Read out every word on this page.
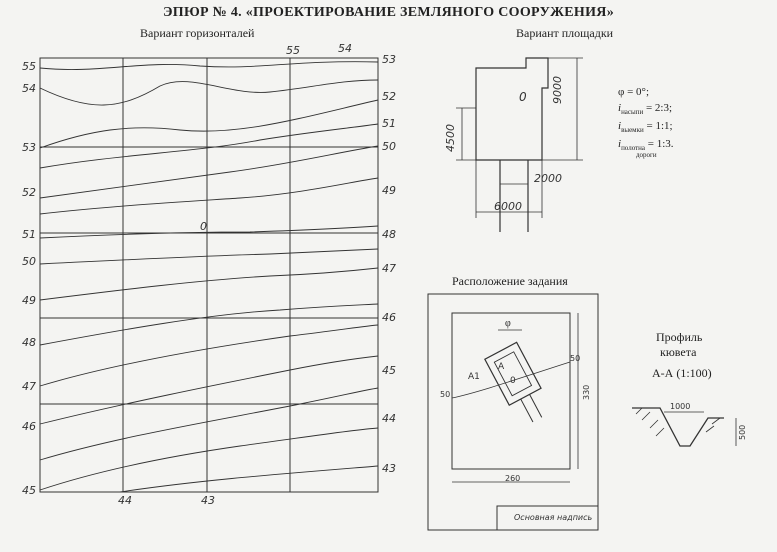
ЭПЮР № 4. «ПРОЕКТИРОВАНИЕ ЗЕМЛЯНОГО СООРУЖЕНИЯ»
Вариант горизонталей
55
54
53
52
51
50
49
48
47
46
45
53
52
51
50
49
48
47
46
45
44
43
55	54
44	43
0
Вариант площадки
0 9000
4500
2000
6000
φ = 0°;
$i_{насыпи}$ = 2:3;
$i_{выемки}$ = 1:1;
$i_{полотна}$ = 1:3.
дороги
Расположение задания
φ
A1
A
0
50
50
330
260
Основная надпись
Профиль
кювета
А-А (1:100)
1000
500
